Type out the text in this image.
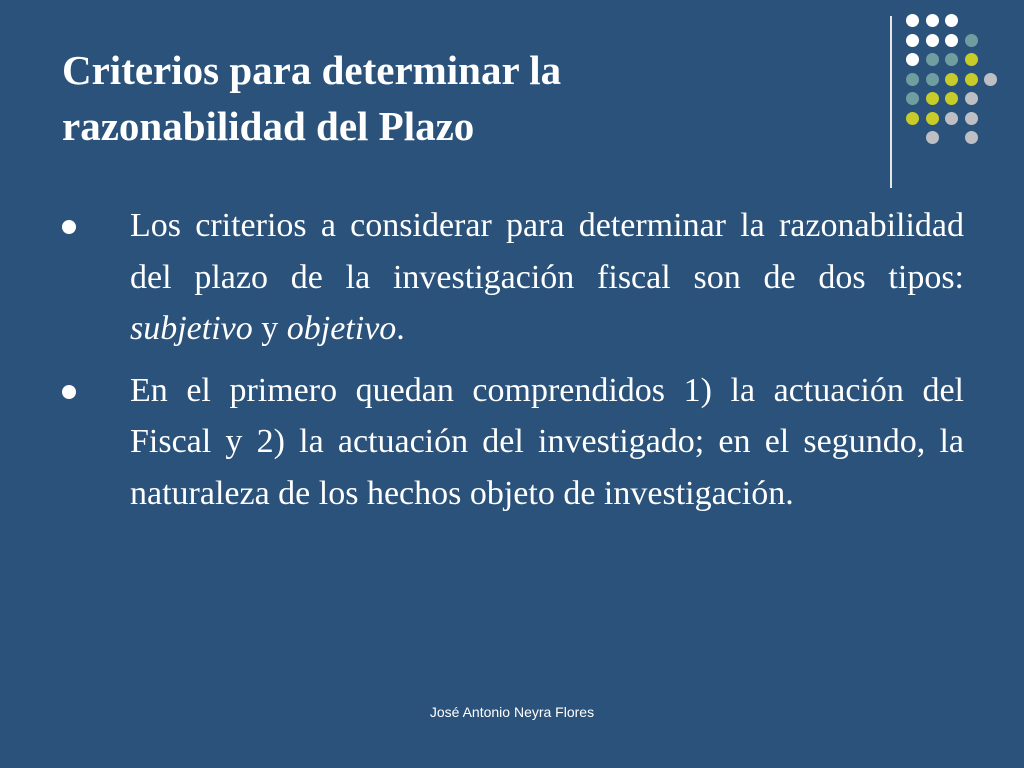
Criterios para determinar la
razonabilidad del Plazo
Los criterios a considerar para determinar la razonabilidad del plazo de la investigación fiscal son de dos tipos: subjetivo y objetivo.
En el primero quedan comprendidos 1) la actuación del Fiscal y 2) la actuación del investigado; en el segundo, la naturaleza de los hechos objeto de investigación.
José Antonio Neyra Flores
